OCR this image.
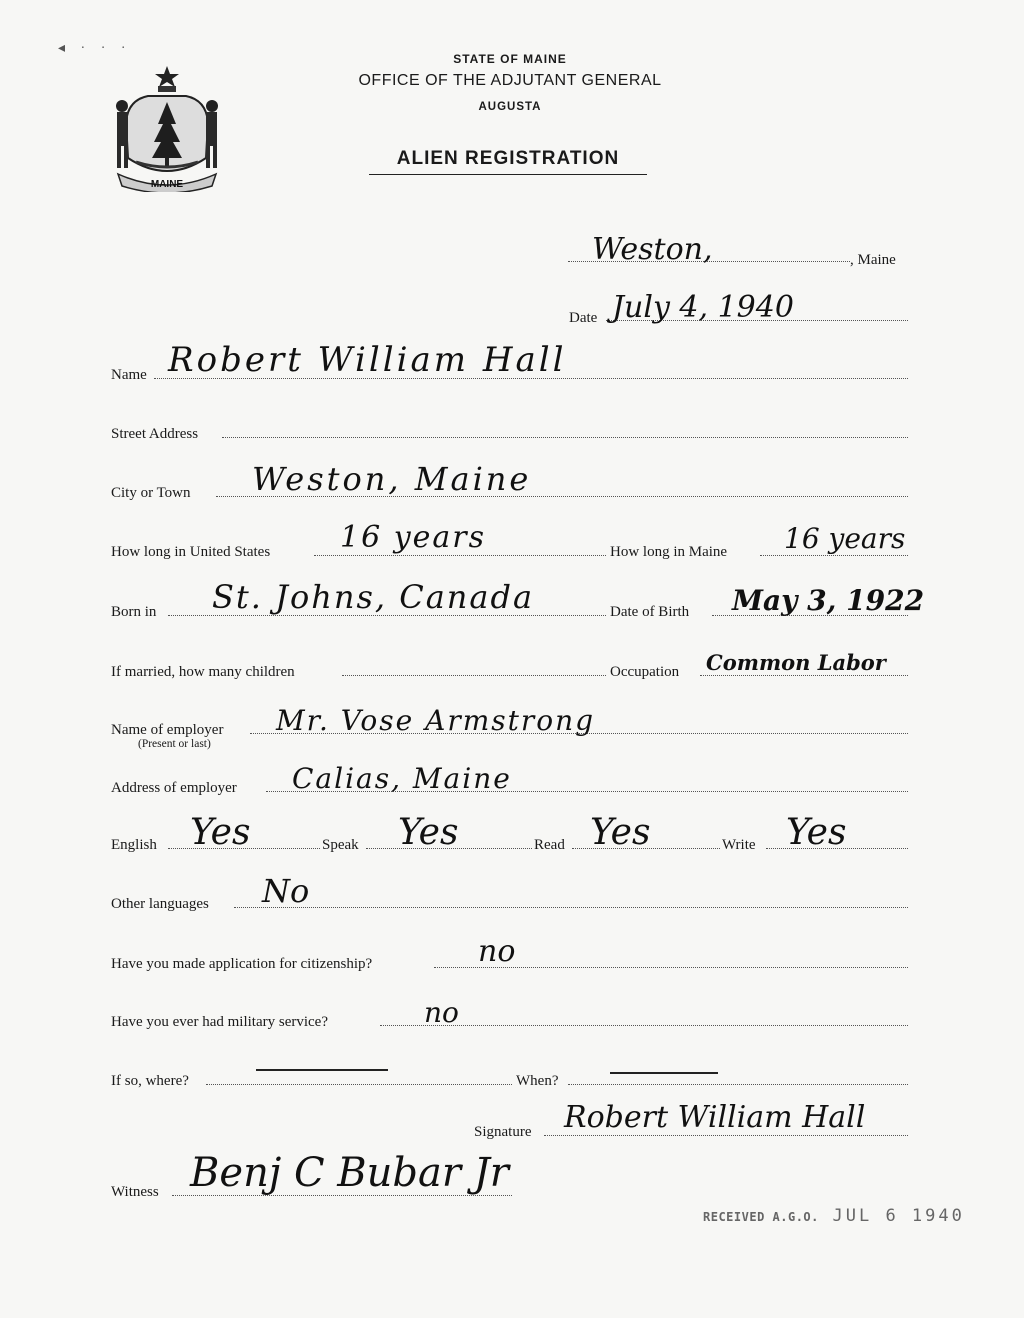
◂ · · ·
MAINE
STATE OF MAINE
OFFICE OF THE ADJUTANT GENERAL
AUGUSTA
ALIEN REGISTRATION
Weston,	, Maine
Date July 4, 1940
Name Robert William Hall
Street Address
City or Town Weston, Maine
How long in United States 16 years	How long in Maine 16 years
Born in St. Johns, Canada	Date of Birth May 3, 1922
If married, how many children	Occupation Common Labor
Name of employer
(Present or last)
Mr. Vose Armstrong
Address of employer Calias, Maine
English Yes	Speak Yes	Read Yes	Write Yes
Other languages No
Have you made application for citizenship?	no
Have you ever had military service?	no
If so, where?	When?
Signature Robert William Hall
Witness Benj C Bubar Jr
RECEIVED A.G.O. JUL 6 1940
